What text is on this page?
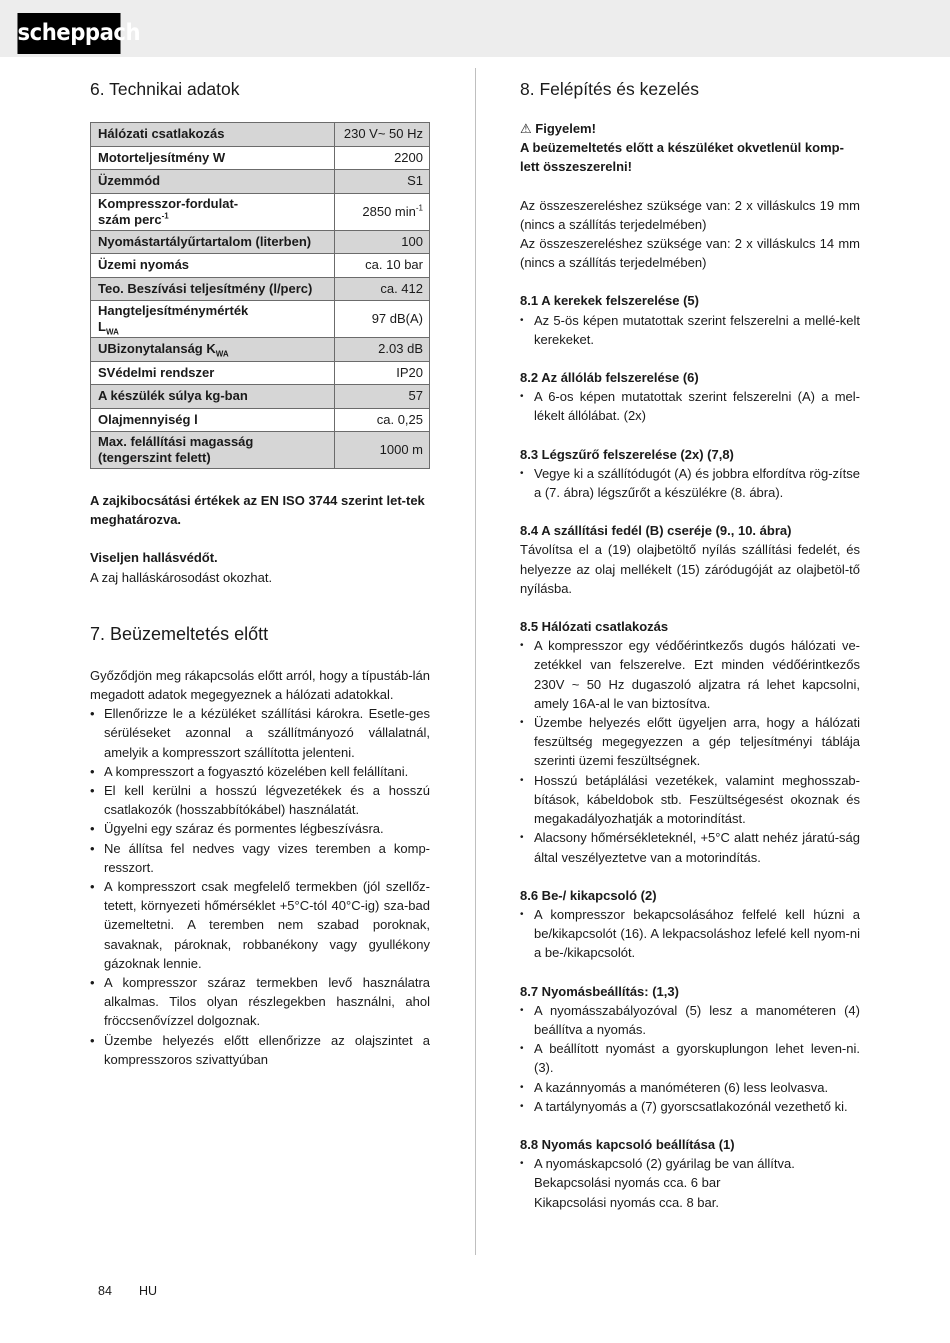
scheppach
6. Technikai adatok
Hálózati csatlakozás	230 V~ 50 Hz
Motorteljesítmény W	2200
Üzemmód	S1
Kompresszor-fordulat-
szám perc$^{-1}$	2850 $\min^{-1}$
Nyomástartályűrtartalom (literben)	100
Üzemi nyomás	ca. 10 bar
Teo. Beszívási teljesítmény (l/perc)	ca. 412
Hangteljesítménymérték
$L_{WA}$	97 dB(A)
UBizonytalanság $K_{WA}$	2.03 dB
SVédelmi rendszer	IP20
A készülék súlya kg-ban	57
Olajmennyiség l	ca. 0,25
Max. felállítási magasság
(tengerszint felett)	1000 m

A zajkibocsátási értékek az EN ISO 3744 szerint let-tek meghatározva.

Viseljen hallásvédőt.

A zaj halláskárosodást okozhat.

7. Beüzemeltetés előtt

Győződjön meg rákapcsolás előtt arról, hogy a típustáb-lán megadott adatok megegyeznek a hálózati adatokkal.

• Ellenőrizze le a kézüléket szállítási károkra. Esetle-ges sérüléseket azonnal a szállítmányozó vállalatnál, amelyik a kompresszort szállította jelenteni.
• A kompresszort a fogyasztó közelében kell felállítani.
• El kell kerülni a hosszú légvezetékek és a hosszú csatlakozók (hosszabbítókábel) használatát.
• Ügyelni egy száraz és pormentes légbeszívásra.
• Ne állítsa fel nedves vagy vizes teremben a komp-resszort.
• A kompresszort csak megfelelő termekben (jól szellőz-tetett, környezeti hőmérséklet +5°C-tól 40°C-ig) sza-bad üzemeltetni. A teremben nem szabad poroknak, savaknak, pároknak, robbanékony vagy gyullékony gázoknak lennie.
• A kompresszor száraz termekben levő használatra alkalmas. Tilos olyan részlegekben használni, ahol fröccsenővízzel dolgoznak.
• Üzembe helyezés előtt ellenőrizze az olajszintet a kompresszoros szivattyúban
8. Felépítés és kezelés

⚠ Figyelem!

A beüzemeltetés előtt a készüléket okvetlenül komp-lett összeszerelni!

Az összeszereléshez szüksége van: 2 x villáskulcs 19 mm (nincs a szállítás terjedelmében)

Az összeszereléshez szüksége van: 2 x villáskulcs 14 mm (nincs a szállítás terjedelmében)

8.1 A kerekek felszerelése (5)

• Az 5-ös képen mutatottak szerint felszerelni a mellé-kelt kerekeket.

8.2 Az állóláb felszerelése (6)

• A 6-os képen mutatottak szerint felszerelni (A) a mel-lékelt állólábat. (2x)

8.3 Légszűrő felszerelése (2x) (7,8)

• Vegye ki a szállítódugót (A) és jobbra elfordítva rög-zítse a (7. ábra) légszűrőt a készülékre (8. ábra).

8.4 A szállítási fedél (B) cseréje (9., 10. ábra)

Távolítsa el a (19) olajbetöltő nyílás szállítási fedelét, és helyezze az olaj mellékelt (15) záródugóját az olajbetöl-tő nyílásba.

8.5 Hálózati csatlakozás

• A kompresszor egy védőérintkezős dugós hálózati ve-zetékkel van felszerelve. Ezt minden védőérintkezős 230V ~ 50 Hz dugaszoló aljzatra rá lehet kapcsolni, amely 16A-al le van biztosítva.
• Üzembe helyezés előtt ügyeljen arra, hogy a hálózati feszültség megegyezzen a gép teljesítményi táblája szerinti üzemi feszültségnek.
• Hosszú betáplálási vezetékek, valamint meghosszab-bítások, kábeldobok stb. Feszültségesést okoznak és megakadályozhatják a motorindítást.
• Alacsony hőmérsékleteknél, +5°C alatt nehéz járatú-ság által veszélyeztetve van a motorindítás.

8.6 Be-/ kikapcsoló (2)

• A kompresszor bekapcsolásához felfelé kell húzni a be/kikapcsolót (16). A lekpacsoláshoz lefelé kell nyom-ni a be-/kikapcsolót.

8.7 Nyomásbeállítás: (1,3)

• A nyomásszabályozóval (5) lesz a manométeren (4) beállítva a nyomás.
• A beállított nyomást a gyorskuplungon lehet leven-ni. (3).
• A kazánnyomás a manóméteren (6) less leolvasva.
• A tartálynyomás a (7) gyorscsatlakozónál vezethető ki.

8.8 Nyomás kapcsoló beállítása (1)

• A nyomáskapcsoló (2) gyárilag be van állítva.
Bekapcsolási nyomás cca. 6 bar
Kikapcsolási nyomás cca. 8 bar.
84 HU
